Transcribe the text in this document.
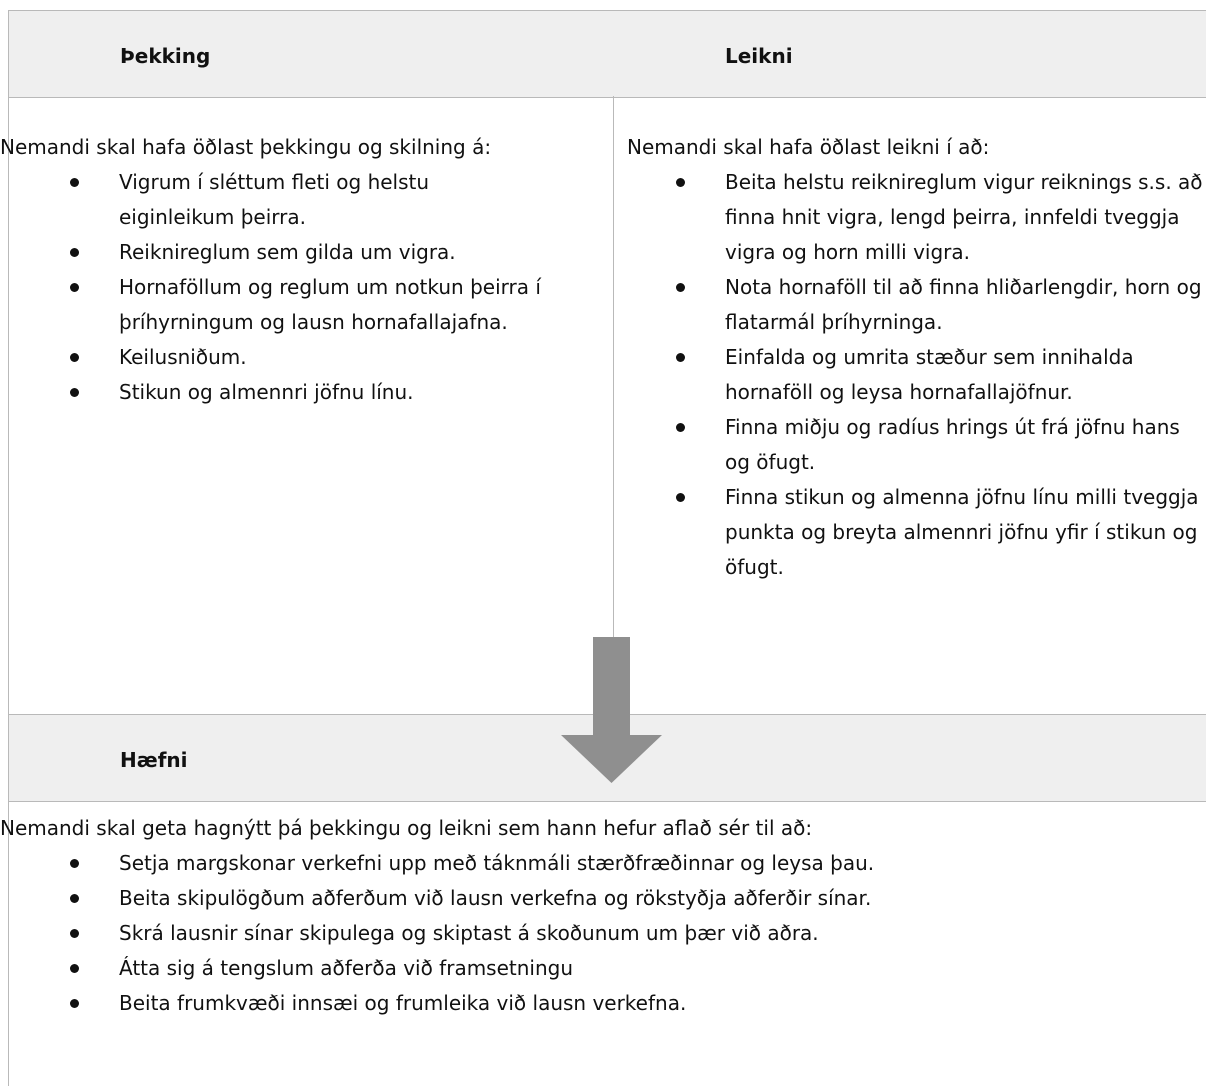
Þekking	Leikni
Nemandi skal hafa öðlast þekkingu og skilning á:
Vigrum í sléttum fleti og helstu eiginleikum þeirra.
Reiknireglum sem gilda um vigra.
Hornaföllum og reglum um notkun þeirra í þríhyrningum og lausn hornafallajafna.
Keilusniðum.
Stikun og almennri jöfnu línu.
Nemandi skal hafa öðlast leikni í að:
Beita helstu reiknireglum vigur reiknings s.s. að finna hnit vigra, lengd þeirra, innfeldi tveggja vigra og horn milli vigra.
Nota hornaföll til að finna hliðarlengdir, horn og flatarmál þríhyrninga.
Einfalda og umrita stæður sem innihalda hornaföll og leysa hornafallajöfnur.
Finna miðju og radíus hrings út frá jöfnu hans og öfugt.
Finna stikun og almenna jöfnu línu milli tveggja punkta og breyta almennri jöfnu yfir í stikun og öfugt.
Hæfni
Nemandi skal geta hagnýtt þá þekkingu og leikni sem hann hefur aflað sér til að:
Setja margskonar verkefni upp með táknmáli stærðfræðinnar og leysa þau.
Beita skipulögðum aðferðum við lausn verkefna og rökstyðja aðferðir sínar.
Skrá lausnir sínar skipulega og skiptast á skoðunum um þær við aðra.
Átta sig á tengslum aðferða við framsetningu
Beita frumkvæði innsæi og frumleika við lausn verkefna.
